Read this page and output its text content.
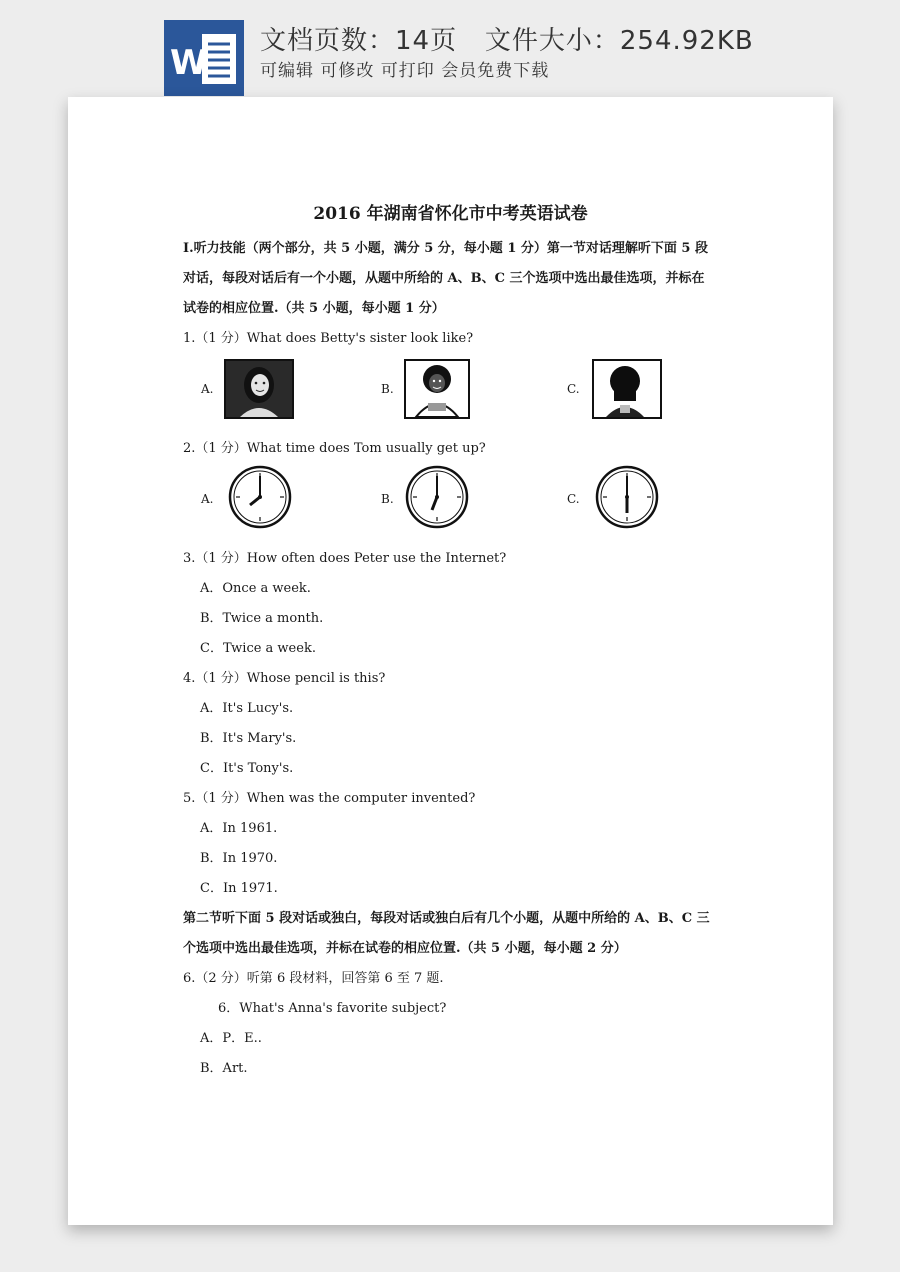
W
文档页数：14页   文件大小：254.92KB
可编辑 可修改 可打印 会员免费下载
2016 年湖南省怀化市中考英语试卷
Ⅰ.听力技能（两个部分，共 5 小题，满分 5 分，每小题 1 分）第一节对话理解听下面 5 段
对话，每段对话后有一个小题，从题中所给的 A、B、C 三个选项中选出最佳选项，并标在
试卷的相应位置.（共 5 小题，每小题 1 分）
1.（1 分）What does Betty's sister look like?
A.	B.	C.
2.（1 分）What time does Tom usually get up?
A.	B.	C.
3.（1 分）How often does Peter use the Internet?
A．Once a week.
B．Twice a month.
C．Twice a week.
4.（1 分）Whose pencil is this?
A．It's Lucy's.
B．It's Mary's.
C．It's Tony's.
5.（1 分）When was the computer invented?
A．In 1961.
B．In 1970.
C．In 1971.
第二节听下面 5 段对话或独白，每段对话或独白后有几个小题，从题中所给的 A、B、C 三
个选项中选出最佳选项，并标在试卷的相应位置.（共 5 小题，每小题 2 分）
6.（2 分）听第 6 段材料，回答第 6 至 7 题.
6．What's Anna's favorite subject?
A．P．E..
B．Art.
